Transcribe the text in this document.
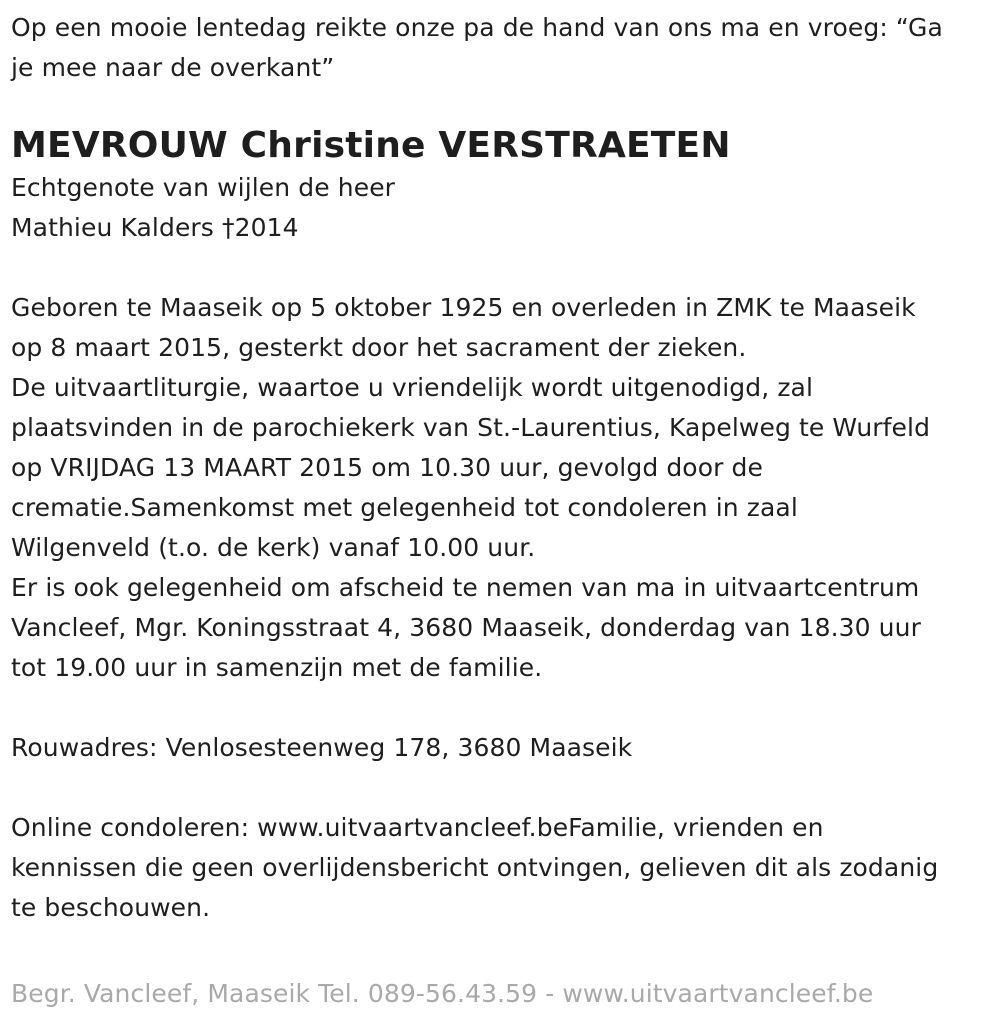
Op een mooie lentedag reikte onze pa de hand van ons ma en vroeg: “Ga
je mee naar de overkant”
MEVROUW Christine VERSTRAETEN
Echtgenote van wijlen de heer
Mathieu Kalders †2014
Geboren te Maaseik op 5 oktober 1925 en overleden in ZMK te Maaseik
op 8 maart 2015, gesterkt door het sacrament der zieken.
De uitvaartliturgie, waartoe u vriendelijk wordt uitgenodigd, zal
plaatsvinden in de parochiekerk van St.-Laurentius, Kapelweg te Wurfeld
op VRIJDAG 13 MAART 2015 om 10.30 uur, gevolgd door de
crematie.Samenkomst met gelegenheid tot condoleren in zaal
Wilgenveld (t.o. de kerk) vanaf 10.00 uur.
Er is ook gelegenheid om afscheid te nemen van ma in uitvaartcentrum
Vancleef, Mgr. Koningsstraat 4, 3680 Maaseik, donderdag van 18.30 uur
tot 19.00 uur in samenzijn met de familie.
Rouwadres: Venlosesteenweg 178, 3680 Maaseik
Online condoleren: www.uitvaartvancleef.beFamilie, vrienden en
kennissen die geen overlijdensbericht ontvingen, gelieven dit als zodanig
te beschouwen.
Begr. Vancleef, Maaseik Tel. 089-56.43.59 - www.uitvaartvancleef.be
